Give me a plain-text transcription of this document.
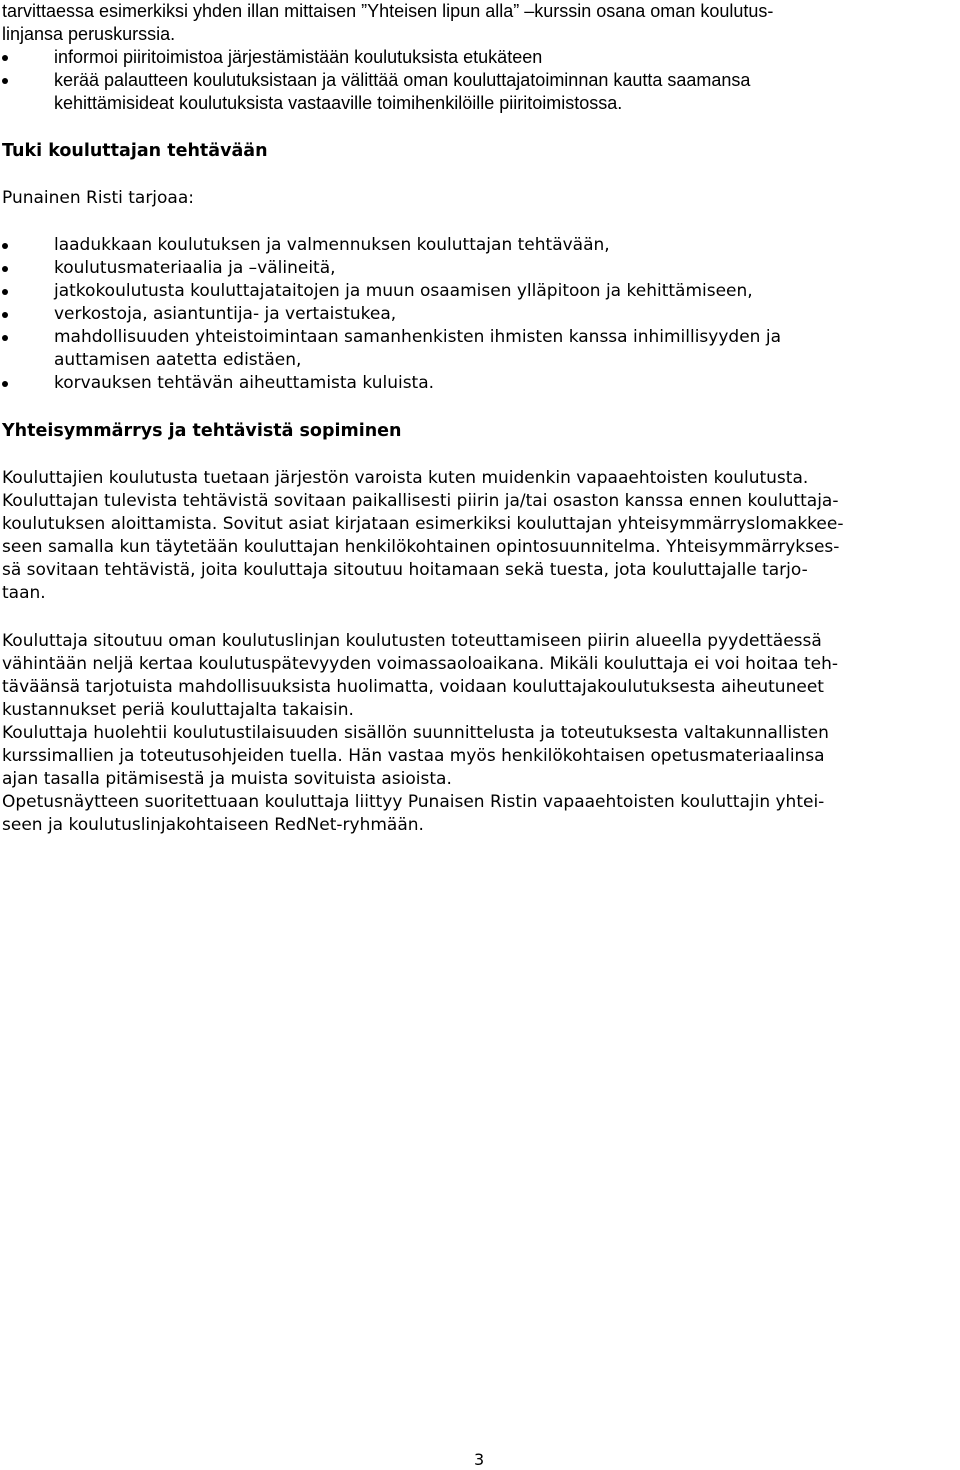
tarvittaessa esimerkiksi yhden illan mittaisen ”Yhteisen lipun alla” –kurssin osana oman koulutus-
linjansa peruskurssia.
informoi piiritoimistoa järjestämistään koulutuksista etukäteen
kerää palautteen koulutuksistaan ja välittää oman kouluttajatoiminnan kautta saamansa
kehittämisideat koulutuksista vastaaville toimihenkilöille piiritoimistossa.
Tuki kouluttajan tehtävään
Punainen Risti tarjoaa:
laadukkaan koulutuksen ja valmennuksen kouluttajan tehtävään,
koulutusmateriaalia ja –välineitä,
jatkokoulutusta kouluttajataitojen ja muun osaamisen ylläpitoon ja kehittämiseen,
verkostoja, asiantuntija- ja vertaistukea,
mahdollisuuden yhteistoimintaan samanhenkisten ihmisten kanssa inhimillisyyden ja
auttamisen aatetta edistäen,
korvauksen tehtävän aiheuttamista kuluista.
Yhteisymmärrys ja tehtävistä sopiminen
Kouluttajien koulutusta tuetaan järjestön varoista kuten muidenkin vapaaehtoisten koulutusta.
Kouluttajan tulevista tehtävistä sovitaan paikallisesti piirin ja/tai osaston kanssa ennen kouluttaja-
koulutuksen aloittamista. Sovitut asiat kirjataan esimerkiksi kouluttajan yhteisymmärryslomakkee-
seen samalla kun täytetään kouluttajan henkilökohtainen opintosuunnitelma. Yhteisymmärrykses-
sä sovitaan tehtävistä, joita kouluttaja sitoutuu hoitamaan sekä tuesta, jota kouluttajalle tarjo-
taan.
Kouluttaja sitoutuu oman koulutuslinjan koulutusten toteuttamiseen piirin alueella pyydettäessä
vähintään neljä kertaa koulutuspätevyyden voimassaoloaikana. Mikäli kouluttaja ei voi hoitaa teh-
täväänsä tarjotuista mahdollisuuksista huolimatta, voidaan kouluttajakoulutuksesta aiheutuneet
kustannukset periä kouluttajalta takaisin.
Kouluttaja huolehtii koulutustilaisuuden sisällön suunnittelusta ja toteutuksesta valtakunnallisten
kurssimallien ja toteutusohjeiden tuella. Hän vastaa myös henkilökohtaisen opetusmateriaalinsa
ajan tasalla pitämisestä ja muista sovituista asioista.
Opetusnäytteen suoritettuaan kouluttaja liittyy Punaisen Ristin vapaaehtoisten kouluttajin yhtei-
seen ja koulutuslinjakohtaiseen RedNet-ryhmään.
3
